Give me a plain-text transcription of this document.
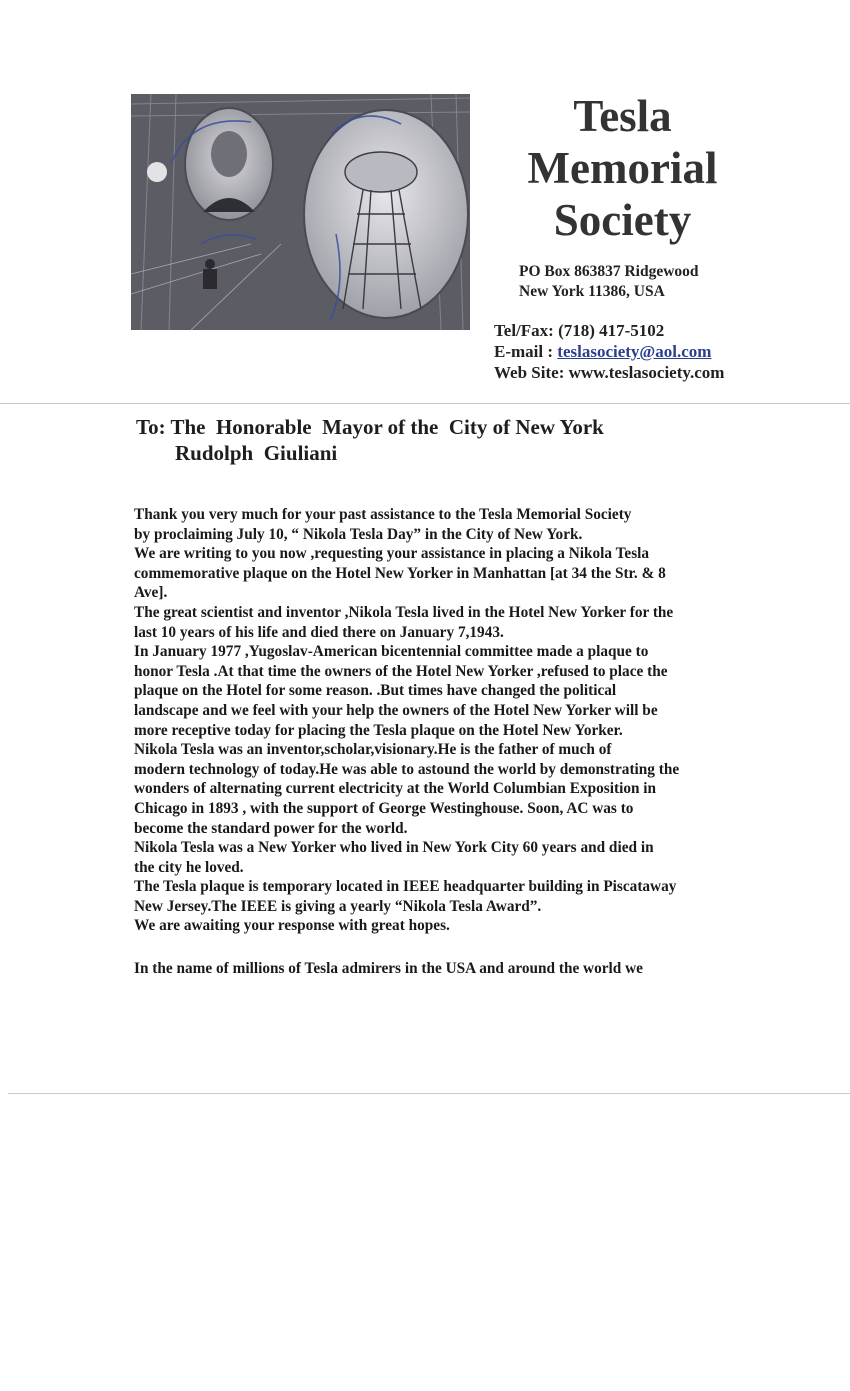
Tesla
Memorial
Society
PO Box 863837 Ridgewood
New York 11386, USA
Tel/Fax: (718) 417-5102
E-mail : teslasociety@aol.com
Web Site: www.teslasociety.com
To: The  Honorable  Mayor of the  City of New York
Rudolph  Giuliani
Thank you very much for your past assistance to the Tesla Memorial Society
by proclaiming July 10, “ Nikola Tesla Day” in the City of New York.
We are writing to you now ,requesting your assistance in placing a Nikola Tesla
commemorative plaque on the Hotel New Yorker in Manhattan [at 34 the Str. & 8
Ave].
The great scientist and inventor ,Nikola Tesla lived in the Hotel New Yorker for the
last 10 years of his life and died there on January 7,1943.
In January 1977 ,Yugoslav-American bicentennial committee made a plaque to
honor Tesla .At that time the owners of the Hotel New Yorker ,refused to place the
plaque on the Hotel for some reason. .But times have changed the political
landscape and we feel with your help the owners of the Hotel New Yorker will be
more receptive today for placing the Tesla plaque on the Hotel New Yorker.
Nikola Tesla was an inventor,scholar,visionary.He is the father of much of
modern technology of today.He was able to astound the world by demonstrating the
wonders of alternating current electricity at the World Columbian Exposition in
Chicago in 1893 , with the support of George Westinghouse. Soon, AC was to
become the standard power for the world.
Nikola Tesla was a New Yorker who lived in New York City 60 years and died in
the city he loved.
The Tesla plaque is temporary located in IEEE headquarter building in Piscataway
New Jersey.The IEEE is giving a yearly “Nikola Tesla Award”.
We are awaiting your response with great hopes.
In the name of millions of Tesla admirers in the USA and around the world we
